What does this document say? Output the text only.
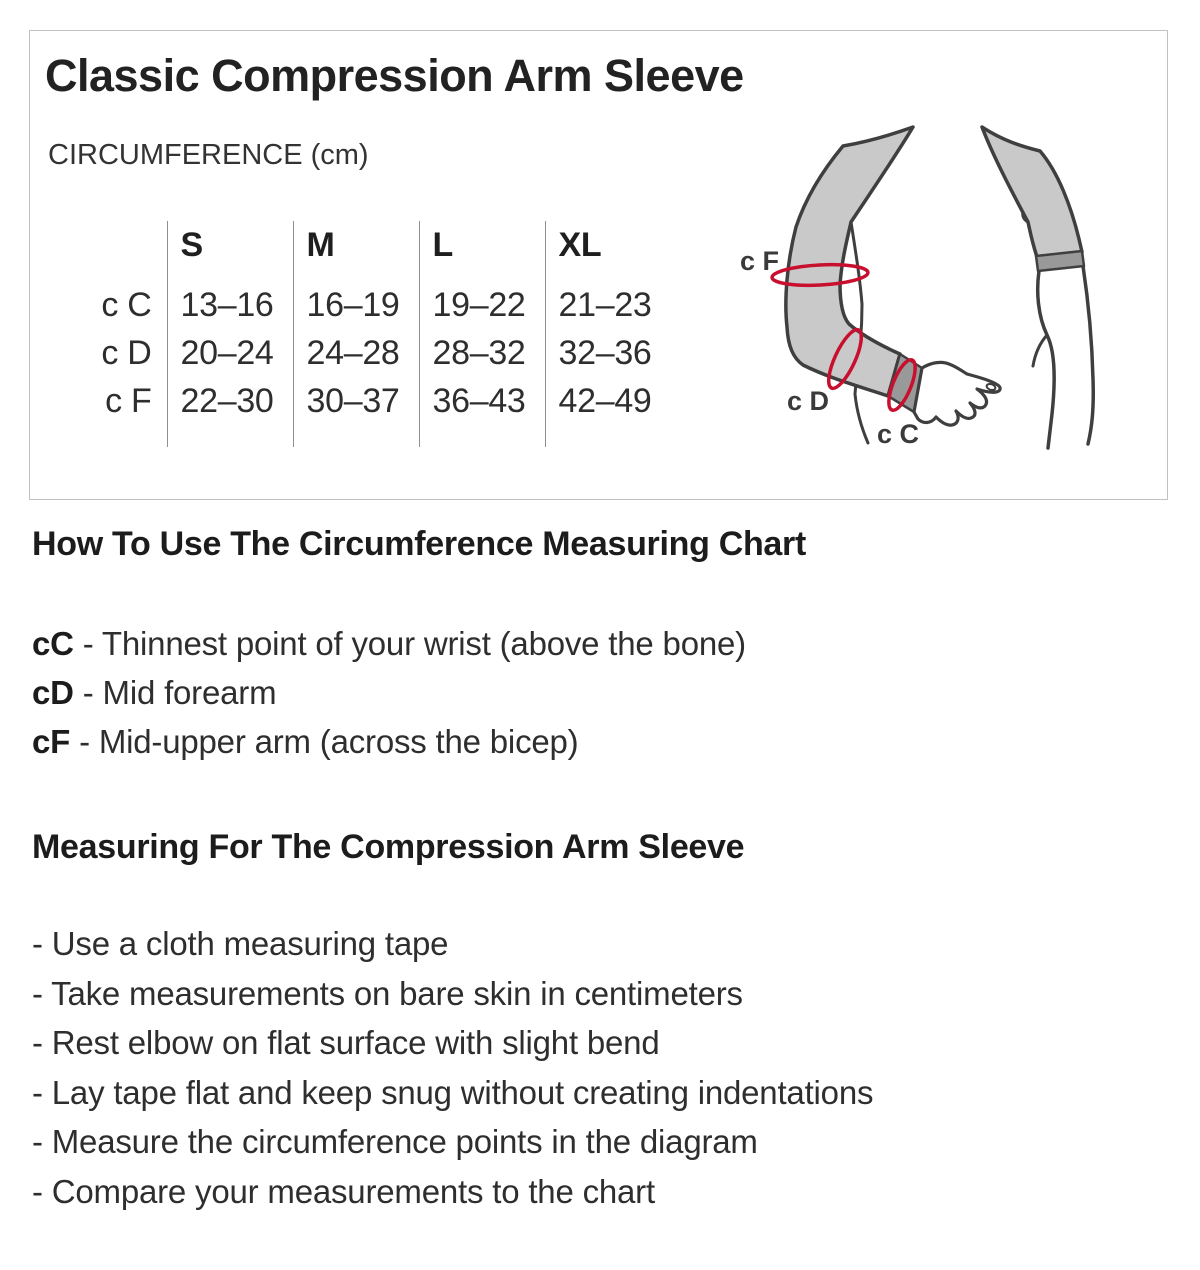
Classic Compression Arm Sleeve
CIRCUMFERENCE (cm)
	S	M	L	XL
c C	13–16	16–19	19–22	21–23
c D	20–24	24–28	28–32	32–36
c F	22–30	30–37	36–43	42–49
c F
c D
c C
How To Use The Circumference Measuring Chart

cC - Thinnest point of your wrist (above the bone)

cD - Mid forearm

cF - Mid-upper arm (across the bicep)

Measuring For The Compression Arm Sleeve

- Use a cloth measuring tape

- Take measurements on bare skin in centimeters

- Rest elbow on flat surface with slight bend

- Lay tape flat and keep snug without creating indentations

- Measure the circumference points in the diagram

- Compare your measurements to the chart
